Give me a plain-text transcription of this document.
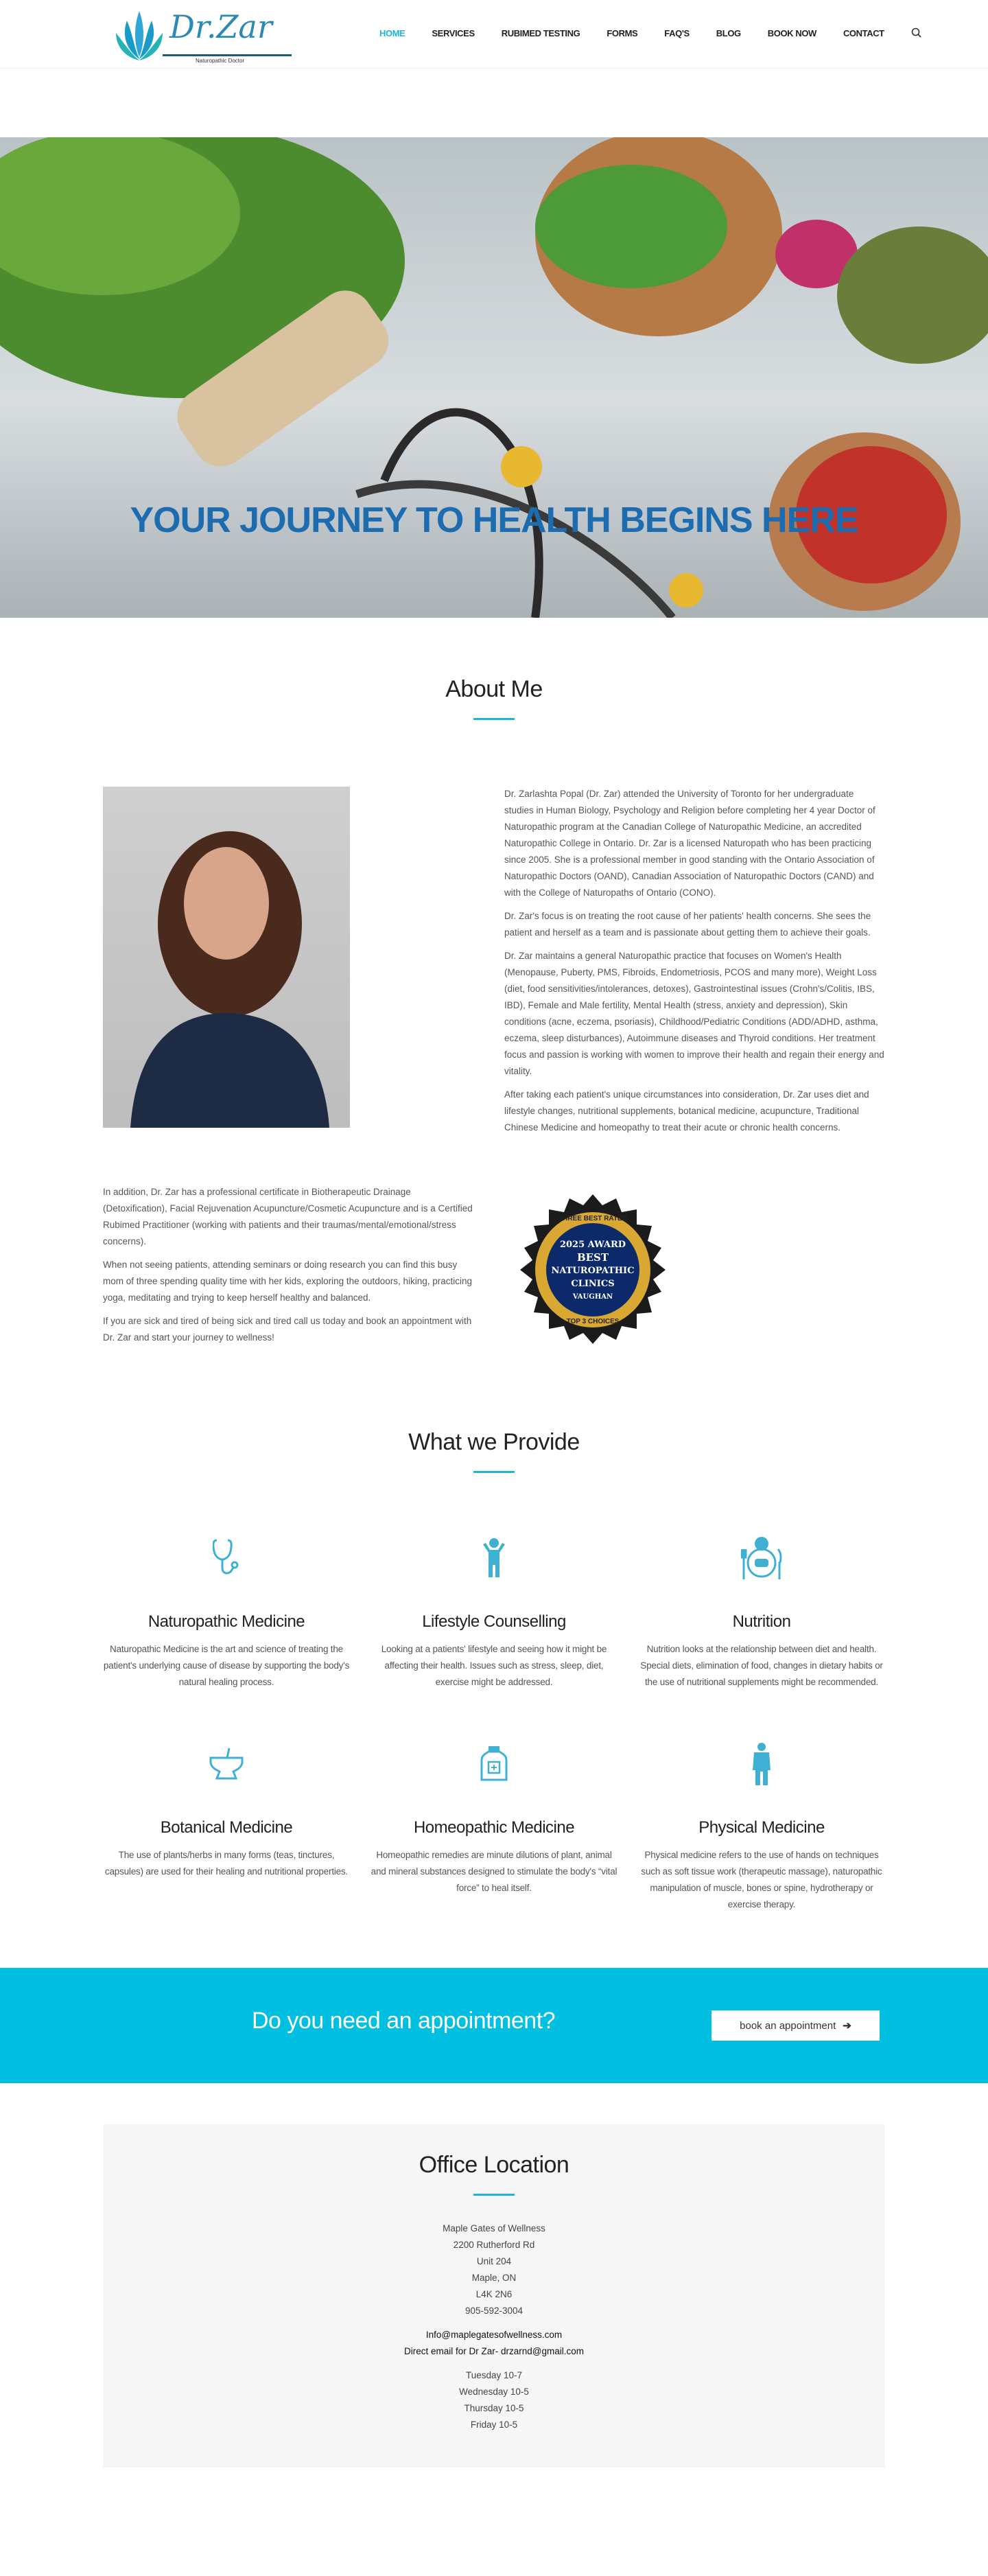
Dr.Zar
Naturopathic Doctor
HOME	SERVICES	RUBIMED TESTING	FORMS	FAQ'S	BLOG	BOOK NOW	CONTACT
YOUR JOURNEY TO HEALTH BEGINS HERE
About Me

Dr. Zarlashta Popal (Dr. Zar) attended the University of Toronto for her undergraduate studies in Human Biology, Psychology and Religion before completing her 4 year Doctor of Naturopathic program at the Canadian College of Naturopathic Medicine, an accredited Naturopathic College in Ontario. Dr. Zar is a licensed Naturopath who has been practicing since 2005. She is a professional member in good standing with the Ontario Association of Naturopathic Doctors (OAND), Canadian Association of Naturopathic Doctors (CAND) and with the College of Naturopaths of Ontario (CONO).

Dr. Zar's focus is on treating the root cause of her patients' health concerns. She sees the patient and herself as a team and is passionate about getting them to achieve their goals.

Dr. Zar maintains a general Naturopathic practice that focuses on Women's Health (Menopause, Puberty, PMS, Fibroids, Endometriosis, PCOS and many more), Weight Loss (diet, food sensitivities/intolerances, detoxes), Gastrointestinal issues (Crohn's/Colitis, IBS, IBD), Female and Male fertility, Mental Health (stress, anxiety and depression), Skin conditions (acne, eczema, psoriasis), Childhood/Pediatric Conditions (ADD/ADHD, asthma, eczema, sleep disturbances), Autoimmune diseases and Thyroid conditions. Her treatment focus and passion is working with women to improve their health and regain their energy and vitality.

After taking each patient's unique circumstances into consideration, Dr. Zar uses diet and lifestyle changes, nutritional supplements, botanical medicine, acupuncture, Traditional Chinese Medicine and homeopathy to treat their acute or chronic health concerns.

In addition, Dr. Zar has a professional certificate in Biotherapeutic Drainage (Detoxification), Facial Rejuvenation Acupuncture/Cosmetic Acupuncture and is a Certified Rubimed Practitioner (working with patients and their traumas/mental/emotional/stress concerns).

When not seeing patients, attending seminars or doing research you can find this busy mom of three spending quality time with her kids, exploring the outdoors, hiking, practicing yoga, meditating and trying to keep herself healthy and balanced.

If you are sick and tired of being sick and tired call us today and book an appointment with Dr. Zar and start your journey to wellness!

2025 AWARD
BEST
NATUROPATHIC
CLINICS
VAUGHAN
THREE BEST RATED
TOP 3 CHOICES
What we Provide
Naturopathic Medicine

Naturopathic Medicine is the art and science of treating the patient's underlying cause of disease by supporting the body's natural healing process.

Lifestyle Counselling

Looking at a patients' lifestyle and seeing how it might be affecting their health. Issues such as stress, sleep, diet, exercise might be addressed.

Nutrition

Nutrition looks at the relationship between diet and health. Special diets, elimination of food, changes in dietary habits or the use of nutritional supplements might be recommended.

Botanical Medicine

The use of plants/herbs in many forms (teas, tinctures, capsules) are used for their healing and nutritional properties.

Homeopathic Medicine

Homeopathic remedies are minute dilutions of plant, animal and mineral substances designed to stimulate the body's “vital force” to heal itself.

Physical Medicine

Physical medicine refers to the use of hands on techniques such as soft tissue work (therapeutic massage), naturopathic manipulation of muscle, bones or spine, hydrotherapy or exercise therapy.

Do you need an appointment?	book an appointment ➔
Office Location
Maple Gates of Wellness
2200 Rutherford Rd
Unit 204
Maple, ON
L4K 2N6
905-592-3004
Info@maplegatesofwellness.com
Direct email for Dr Zar- drzarnd@gmail.com
Tuesday 10-7
Wednesday 10-5
Thursday 10-5
Friday 10-5
